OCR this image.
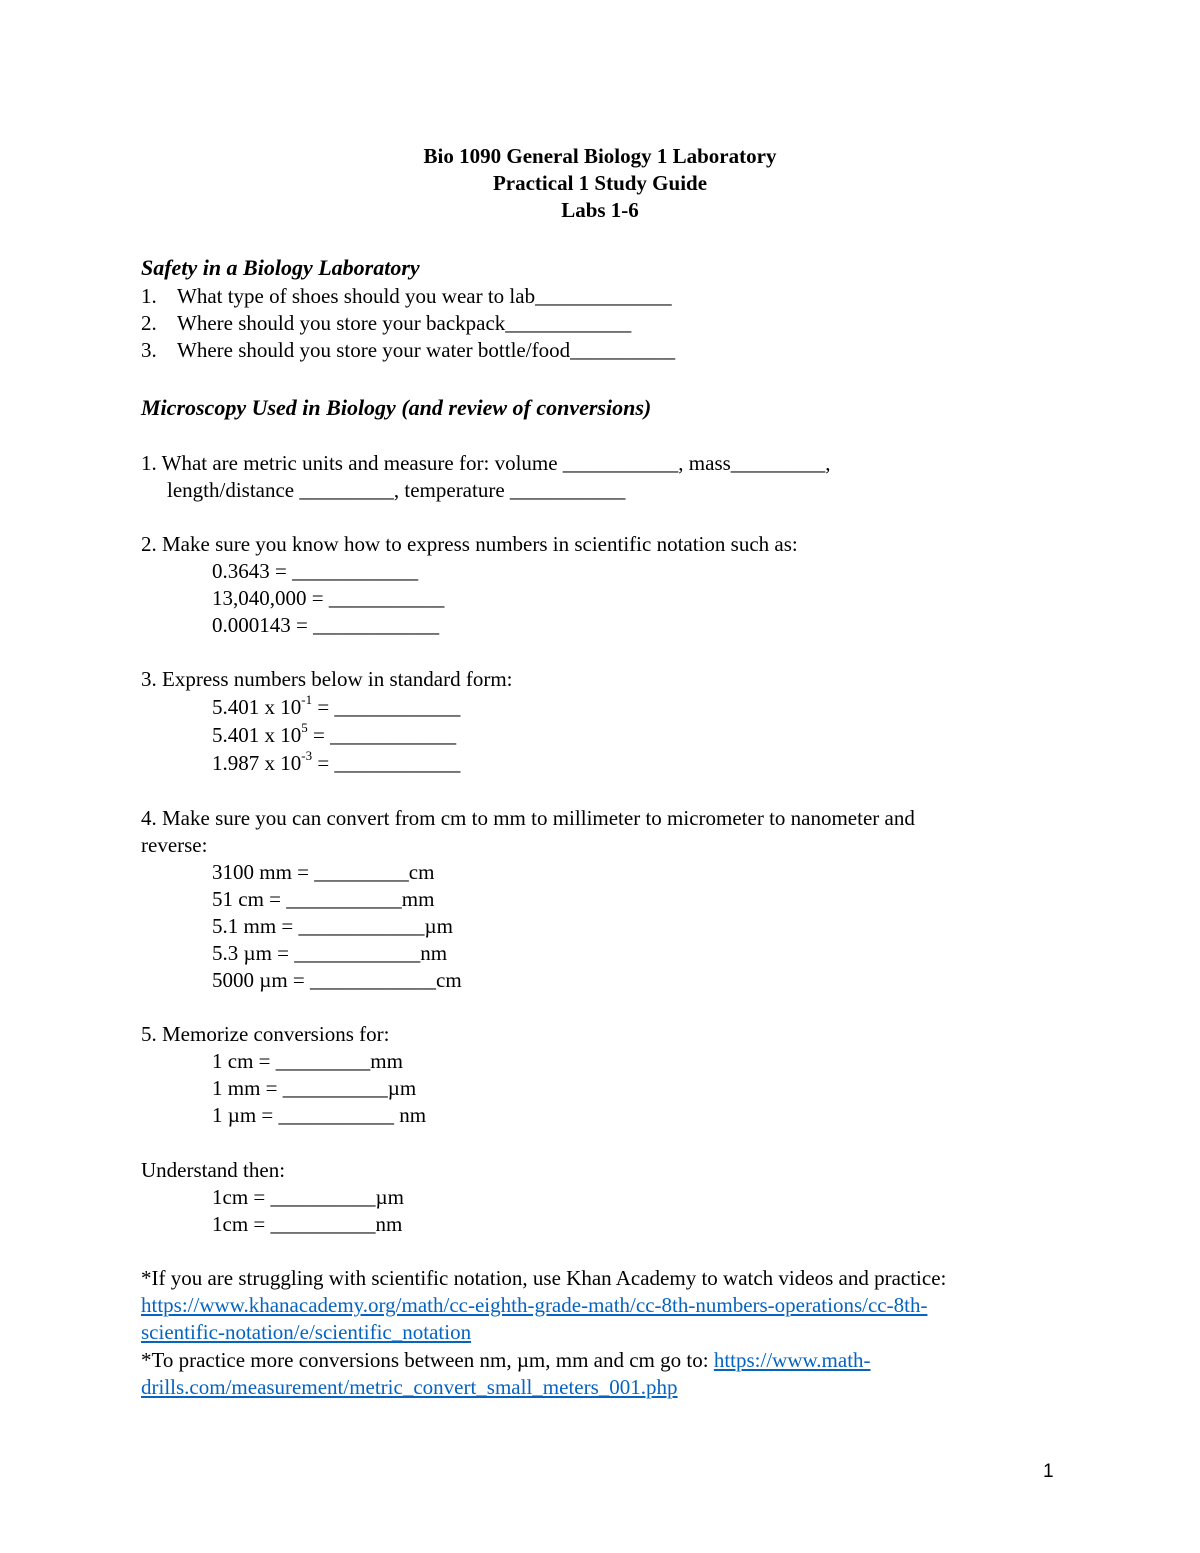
Bio 1090 General Biology 1 Laboratory
Practical 1 Study Guide
Labs 1-6
Safety in a Biology Laboratory
1. What type of shoes should you wear to lab_____________
2. Where should you store your backpack____________
3. Where should you store your water bottle/food__________
Microscopy Used in Biology (and review of conversions)
1. What are metric units and measure for: volume ___________, mass_________,
length/distance _________, temperature ___________
2. Make sure you know how to express numbers in scientific notation such as:
0.3643 = ____________
13,040,000 = ___________
0.000143 = ____________
3. Express numbers below in standard form:
5.401 x $10^{-1}$ = ____________
5.401 x $10^5$ = ____________
1.987 x $10^{-3}$ = ____________
4. Make sure you can convert from cm to mm to millimeter to micrometer to nanometer and
reverse:
3100 mm = _________cm
51 cm = ___________mm
5.1 mm = ____________µm
5.3 µm = ____________nm
5000 µm = ____________cm
5. Memorize conversions for:
1 cm = _________mm
1 mm = __________µm
1 µm = ___________ nm
Understand then:
1cm = __________µm
1cm = __________nm
*If you are struggling with scientific notation, use Khan Academy to watch videos and practice:
https://www.khanacademy.org/math/cc-eighth-grade-math/cc-8th-numbers-operations/cc-8th-
scientific-notation/e/scientific_notation
*To practice more conversions between nm, µm, mm and cm go to: https://www.math-
drills.com/measurement/metric_convert_small_meters_001.php
1
